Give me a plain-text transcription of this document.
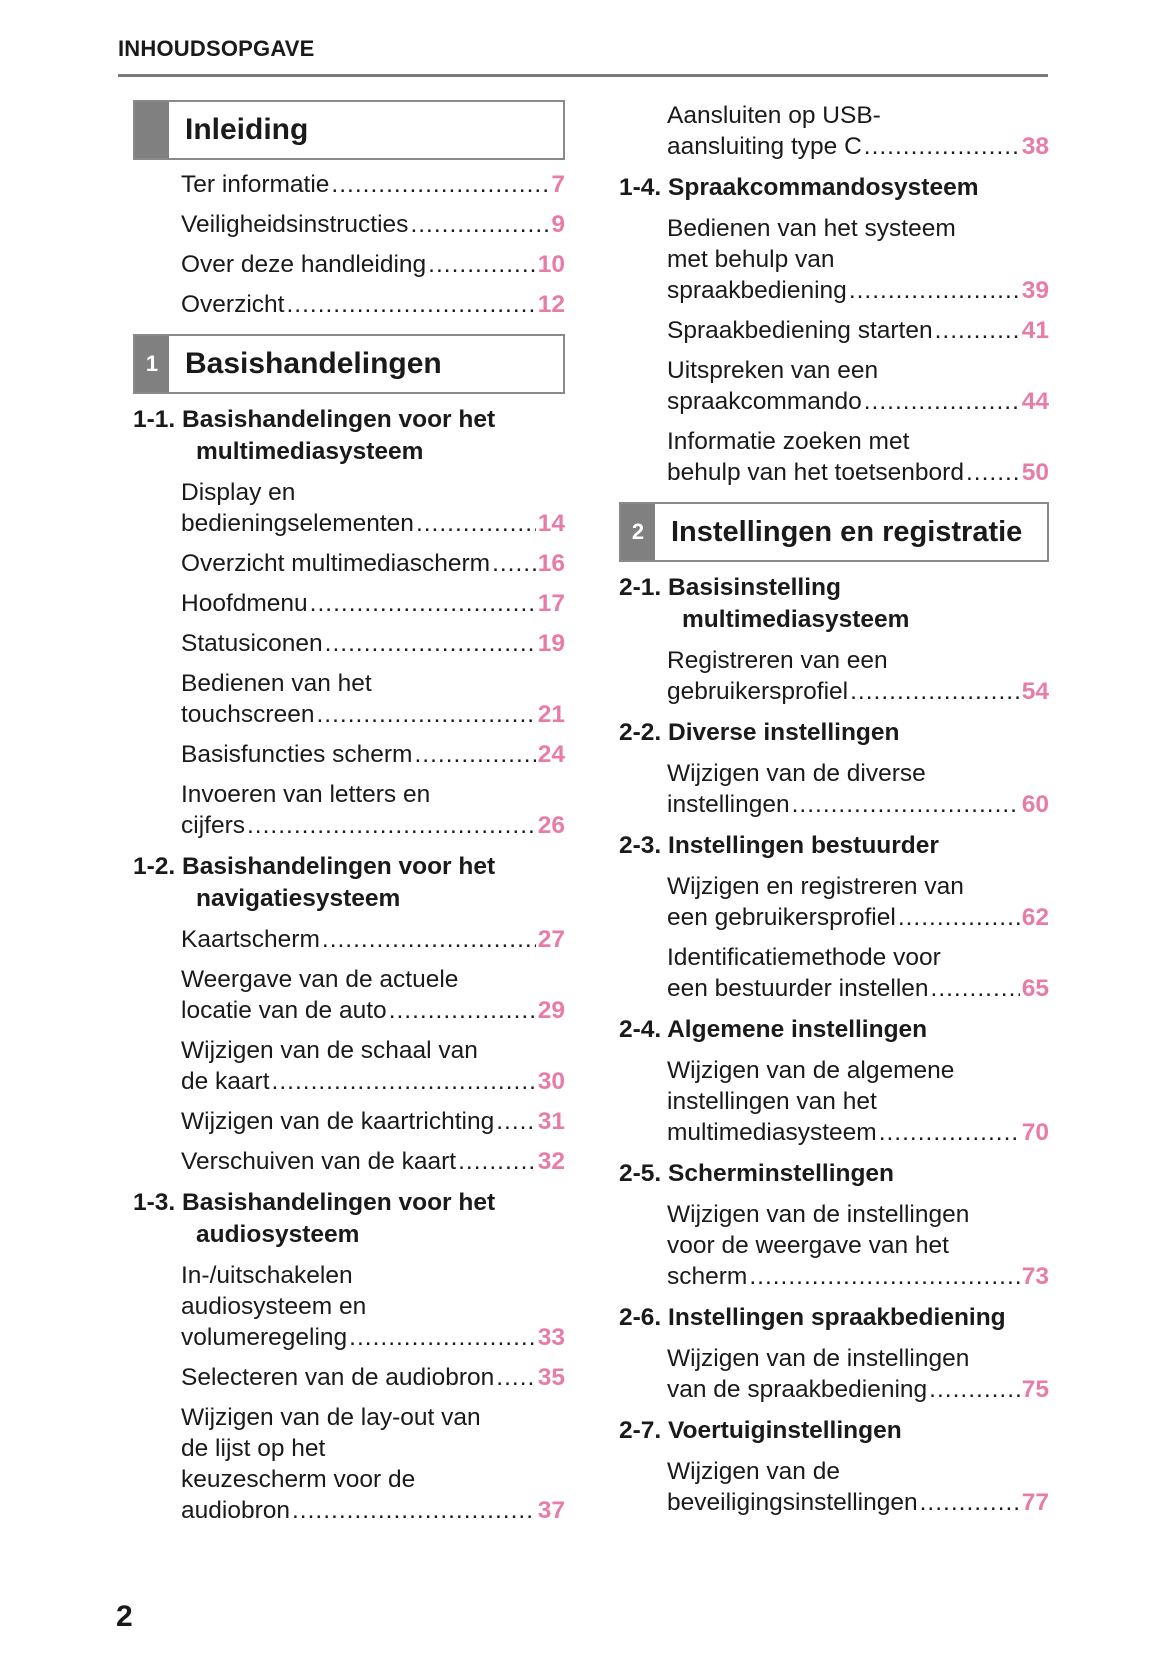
INHOUDSOPGAVE
Inleiding
Ter informatie .....	7
Veiligheidsinstructies .....	9
Over deze handleiding .....	10
Overzicht .....	12
1 Basishandelingen
1-1. Basishandelingen voor het multimediasysteem
Display en
bedieningselementen .....	14
Overzicht multimediascherm ..... 16
Hoofdmenu .....	17
Statusiconen .....	19
Bedienen van het
touchscreen .....	21
Basisfuncties scherm .....	24
Invoeren van letters en
cijfers .....	26
1-2. Basishandelingen voor het navigatiesysteem
Kaartscherm .....	27
Weergave van de actuele
locatie van de auto .....	29
Wijzigen van de schaal van
de kaart .....	30
Wijzigen van de kaartrichting ..... 31
Verschuiven van de kaart .....	32
1-3. Basishandelingen voor het audiosysteem
In-/uitschakelen
audiosysteem en
volumeregeling .....	33
Selecteren van de audiobron ..... 35
Wijzigen van de lay-out van
de lijst op het
keuzescherm voor de
audiobron .....	37
Aansluiten op USB-
aansluiting type C .....	38
1-4. Spraakcommandosysteem
Bedienen van het systeem
met behulp van
spraakbediening .....	39
Spraakbediening starten .....	41
Uitspreken van een
spraakcommando .....	44
Informatie zoeken met
behulp van het toetsenbord ..... 50
2 Instellingen en registratie
2-1. Basisinstelling multimediasysteem
Registreren van een
gebruikersprofiel .....	54
2-2. Diverse instellingen
Wijzigen van de diverse
instellingen .....	60
2-3. Instellingen bestuurder
Wijzigen en registreren van
een gebruikersprofiel .....	62
Identificatiemethode voor
een bestuurder instellen .....	65
2-4. Algemene instellingen
Wijzigen van de algemene
instellingen van het
multimediasysteem .....	70
2-5. Scherminstellingen
Wijzigen van de instellingen
voor de weergave van het
scherm .....	73
2-6. Instellingen spraakbediening
Wijzigen van de instellingen
van de spraakbediening .....	75
2-7. Voertuiginstellingen
Wijzigen van de
beveiligingsinstellingen .....	77
2
